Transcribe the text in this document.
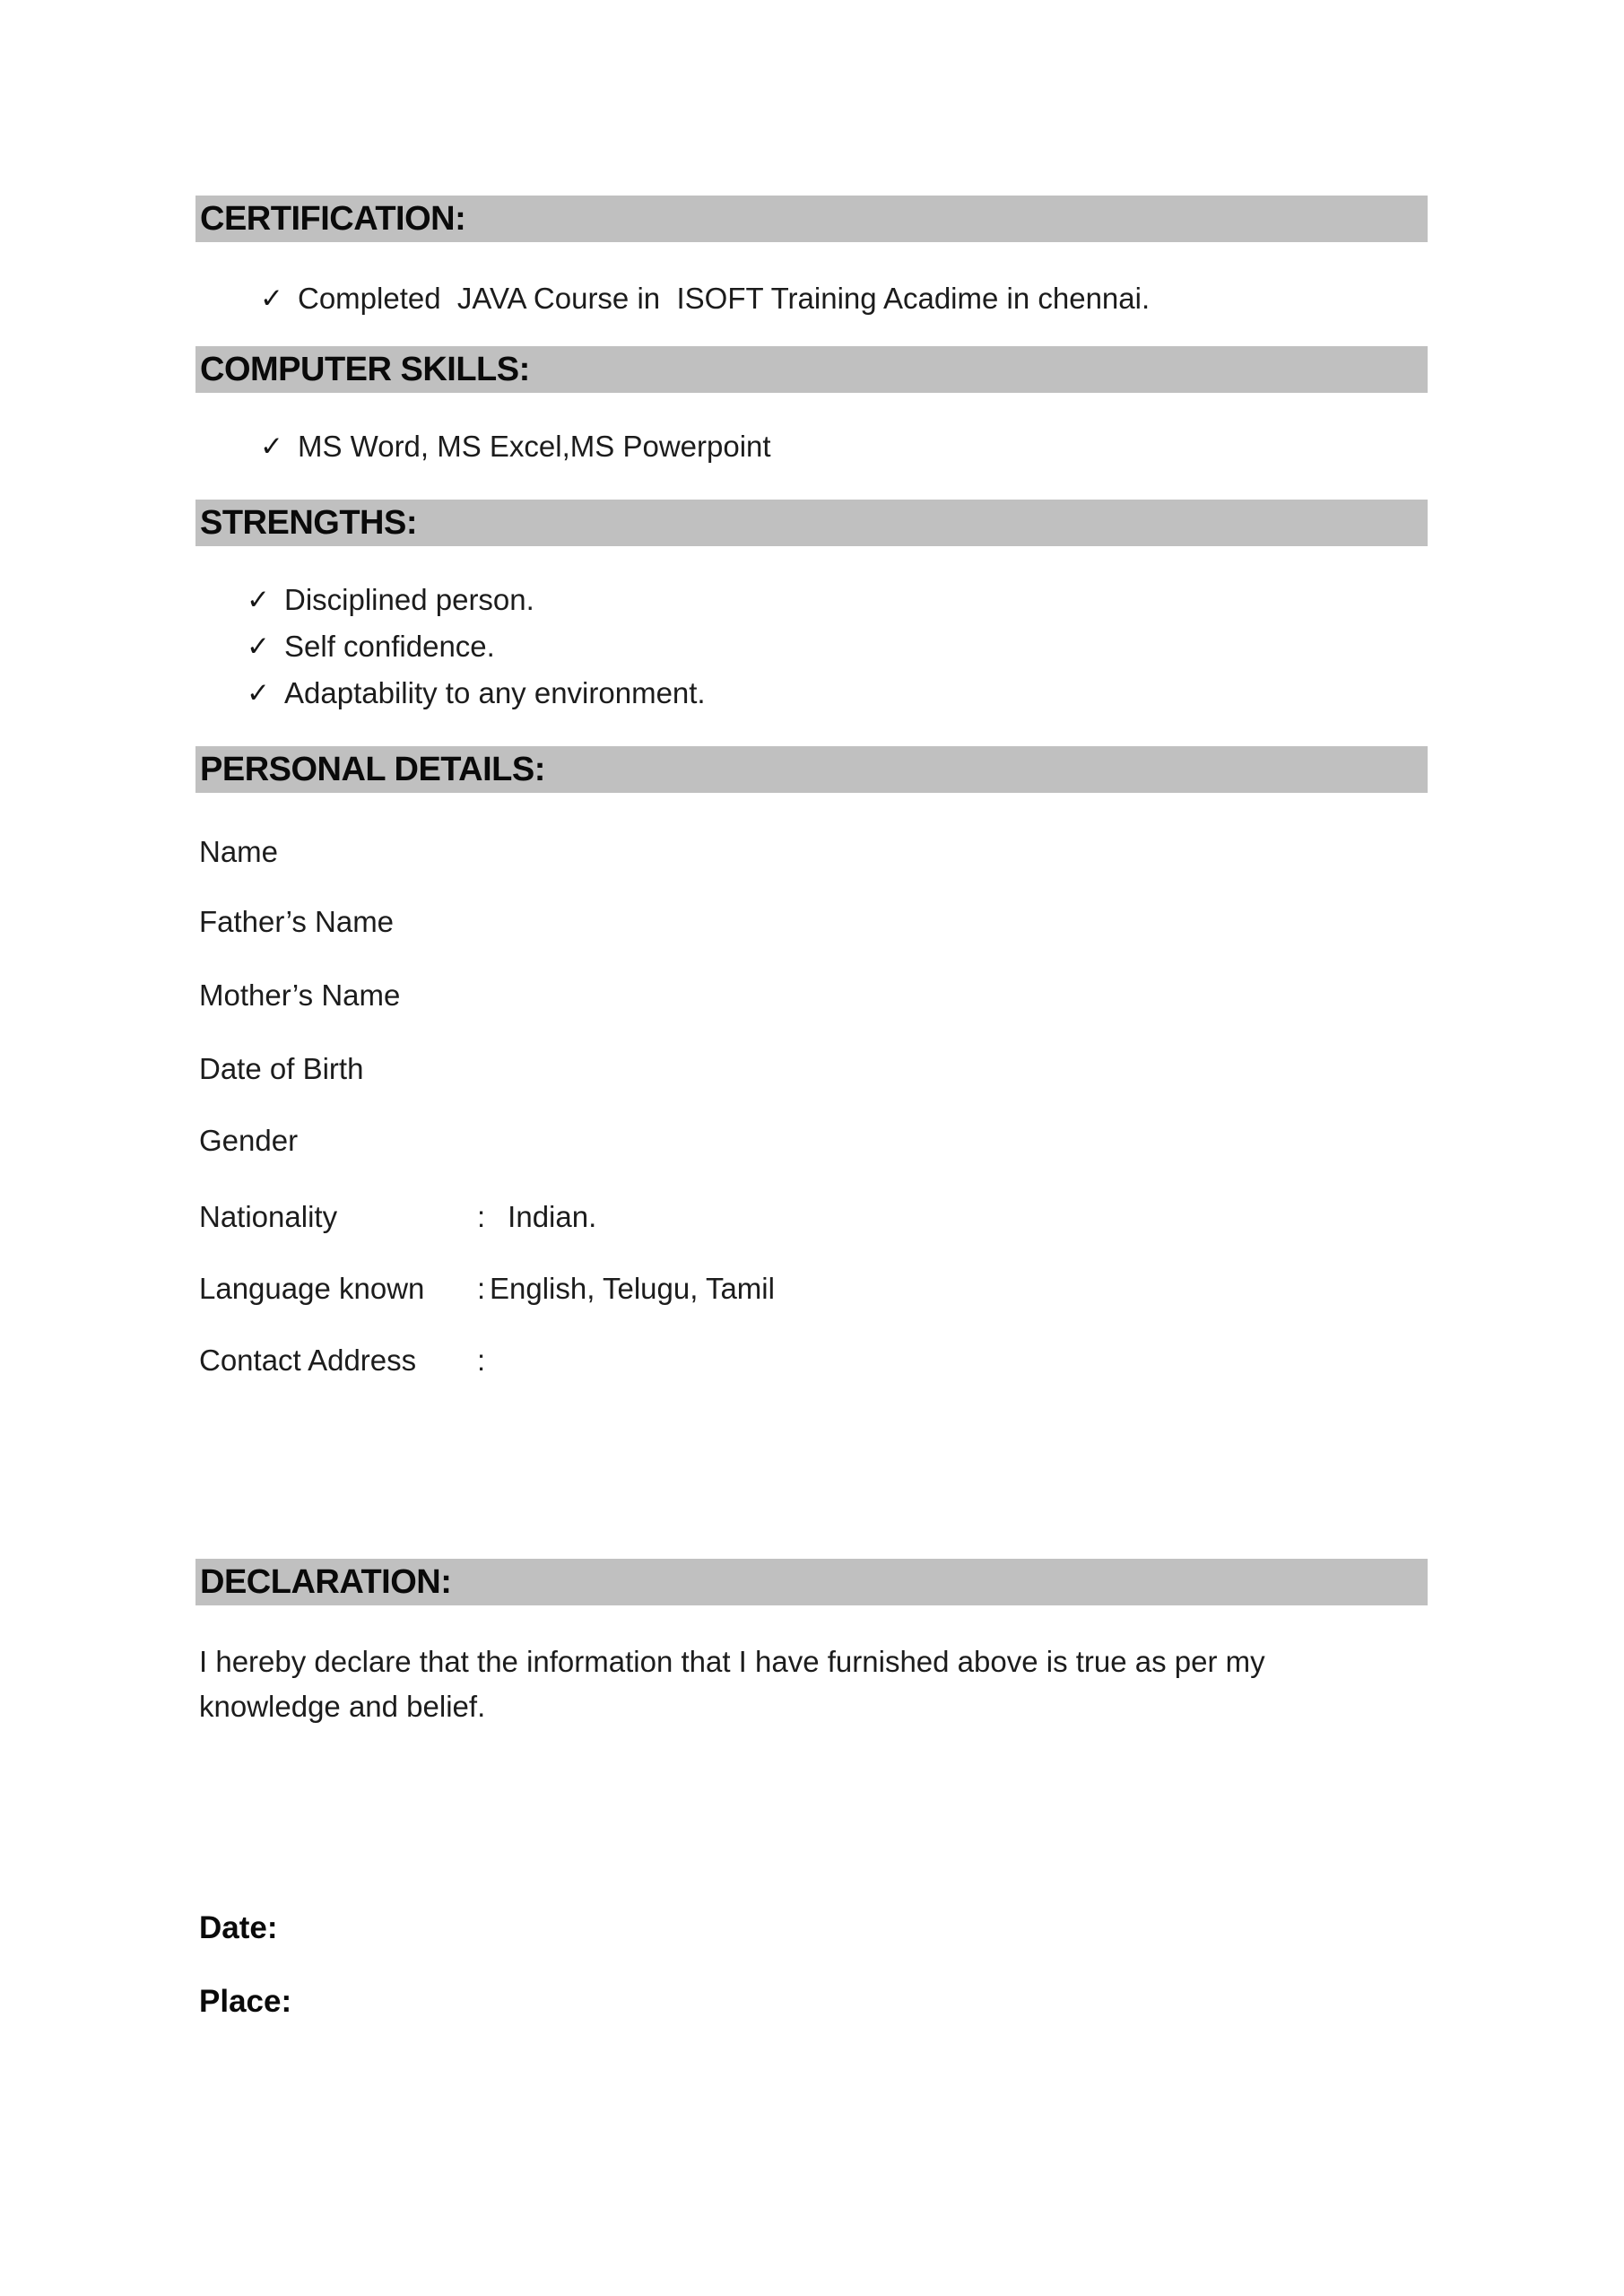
CERTIFICATION:

✓

Completed  JAVA Course in  ISOFT Training Acadime in chennai.

COMPUTER SKILLS:

✓

MS Word, MS Excel,MS Powerpoint

STRENGTHS:

✓

Disciplined person.

✓

Self confidence.

✓

Adaptability to any environment.

PERSONAL DETAILS:
Name
Father’s Name
Mother’s Name
Date of Birth
Gender
Nationality	: Indian.
Language known : English, Telugu, Tamil
Contact Address :
DECLARATION:
I hereby declare that the information that I have furnished above is true as per my
knowledge and belief.
Date:
Place:
